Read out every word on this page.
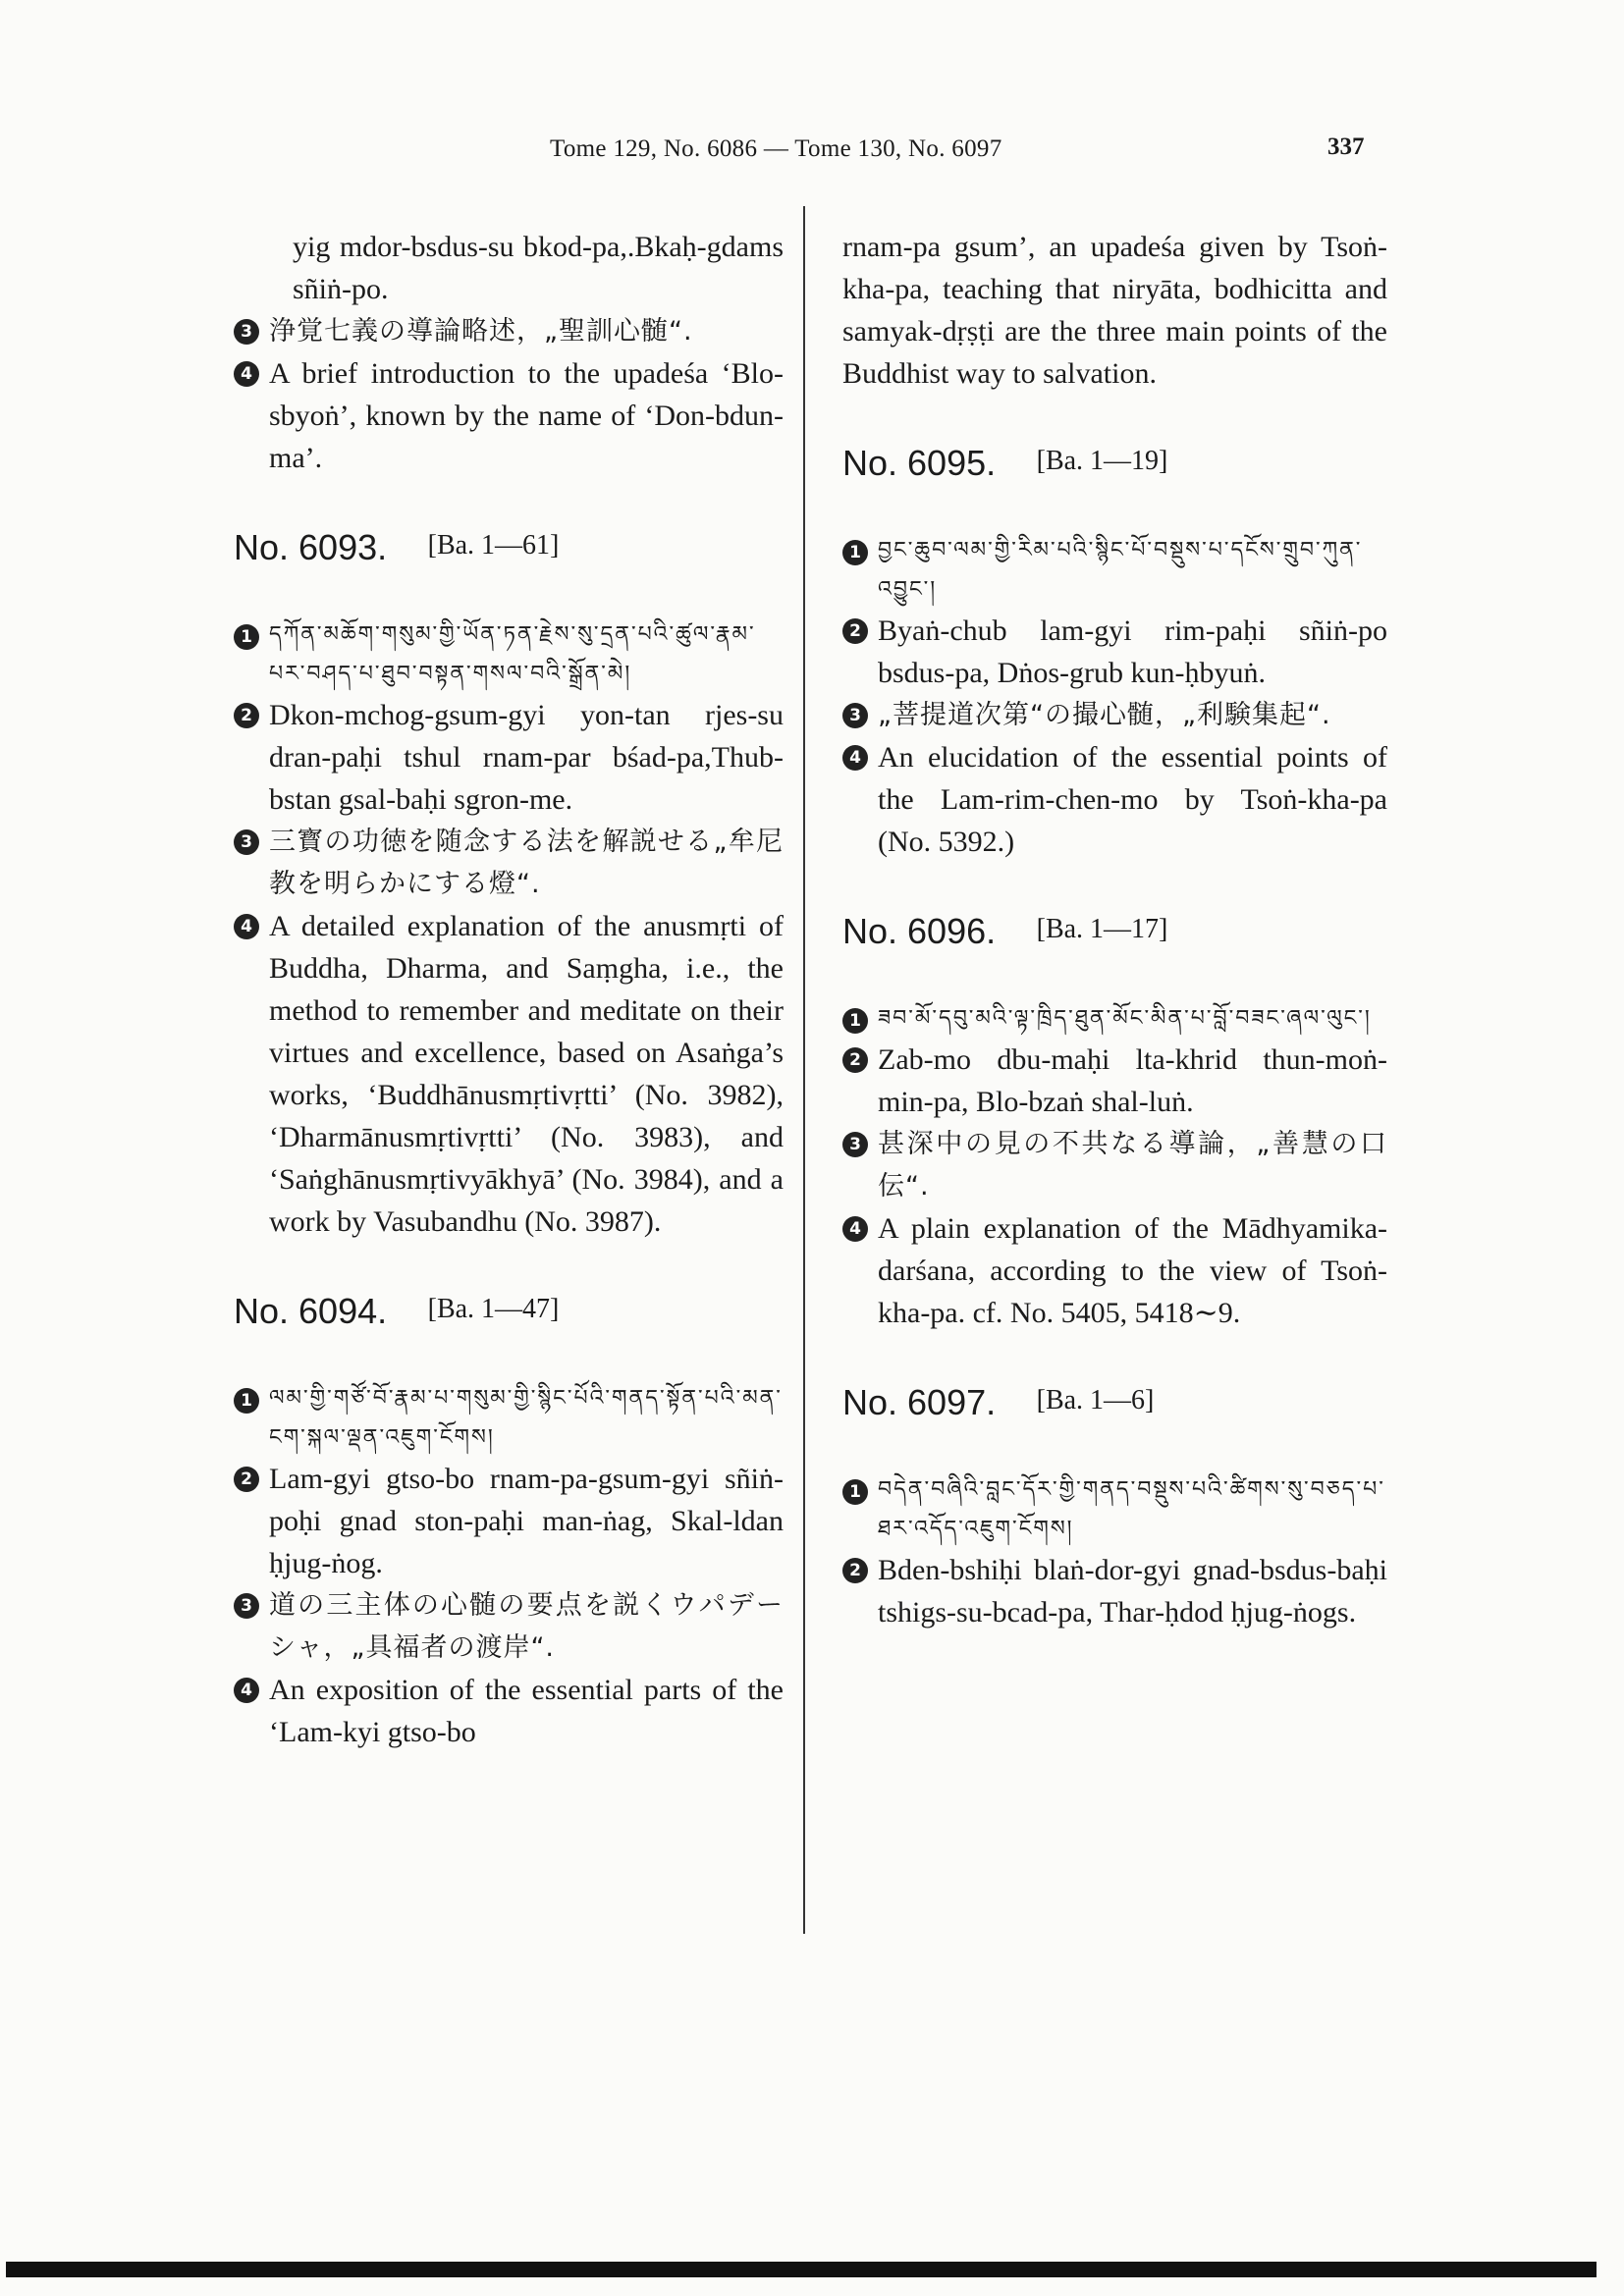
Tome 129, No. 6086 — Tome 130, No. 6097	337

yig mdor-bsdus-su bkod-pa,.Bkaḥ-gdams sñiṅ-po.

3 浄覚七義の導論略述，„聖訓心髄“.
4 A brief introduction to the upadeśa ‘Blo-sbyoṅ’, known by the name of ‘Don-bdun-ma’.
No. 6093. [Ba. 1—61]
1 དཀོན་མཆོག་གསུམ་གྱི་ཡོན་ཏན་རྗེས་སུ་དྲན་པའི་ཚུལ་རྣམ་པར་བཤད་པ་ཐུབ་བསྟན་གསལ་བའི་སྒྲོན་མེ།
2 Dkon-mchog-gsum-gyi yon-tan rjes-su dran-paḥi tshul rnam-par bśad-pa,Thub-bstan gsal-baḥi sgron-me.
3 三寳の功徳を随念する法を解説せる„牟尼教を明らかにする燈“.
4 A detailed explanation of the anusmṛti of Buddha, Dharma, and Saṃgha, i.e., the method to remember and meditate on their virtues and excellence, based on Asaṅga’s works, ‘Buddhānusmṛtivṛtti’ (No. 3982), ‘Dharmānusmṛtivṛtti’ (No. 3983), and ‘Saṅghānusmṛtivyākhyā’ (No. 3984), and a work by Vasubandhu (No. 3987).
No. 6094. [Ba. 1—47]
1 ལམ་གྱི་གཙོ་བོ་རྣམ་པ་གསུམ་གྱི་སྙིང་པོའི་གནད་སྟོན་པའི་མན་ངག་སྐལ་ལྡན་འཇུག་ངོགས།
2 Lam-gyi gtso-bo rnam-pa-gsum-gyi sñiṅ-poḥi gnad ston-paḥi man-ṅag, Skal-ldan ḥjug-ṅog.
3 道の三主体の心髄の要点を説くウパデーシャ，„具福者の渡岸“.
4 An exposition of the essential parts of the ‘Lam-kyi gtso-bo

rnam-pa gsum’, an upadeśa given by Tsoṅ-kha-pa, teaching that niryāta, bodhicitta and samyak-dṛṣṭi are the three main points of the Buddhist way to salvation.

No. 6095. [Ba. 1—19]
1 བྱང་ཆུབ་ལམ་གྱི་རིམ་པའི་སྙིང་པོ་བསྡུས་པ་དངོས་གྲུབ་ཀུན་འབྱུང་།
2 Byaṅ-chub lam-gyi rim-paḥi sñiṅ-po bsdus-pa, Dṅos-grub kun-ḥbyuṅ.
3 „菩提道次第“の撮心髄，„利験集起“.
4 An elucidation of the essential points of the Lam-rim-chen-mo by Tsoṅ-kha-pa (No. 5392.)
No. 6096. [Ba. 1—17]
1 ཟབ་མོ་དབུ་མའི་ལྟ་ཁྲིད་ཐུན་མོང་མིན་པ་བློ་བཟང་ཞལ་ལུང་།
2 Zab-mo dbu-maḥi lta-khrid thun-moṅ-min-pa, Blo-bzaṅ shal-luṅ.
3 甚深中の見の不共なる導論，„善慧の口伝“.
4 A plain explanation of the Mādhyamika-darśana, according to the view of Tsoṅ-kha-pa. cf. No. 5405, 5418∼9.
No. 6097. [Ba. 1—6]
1 བདེན་བཞིའི་བླང་དོར་གྱི་གནད་བསྡུས་པའི་ཚིགས་སུ་བཅད་པ་ཐར་འདོད་འཇུག་ངོགས།
2 Bden-bshiḥi blaṅ-dor-gyi gnad-bsdus-baḥi tshigs-su-bcad-pa, Thar-ḥdod ḥjug-ṅogs.
